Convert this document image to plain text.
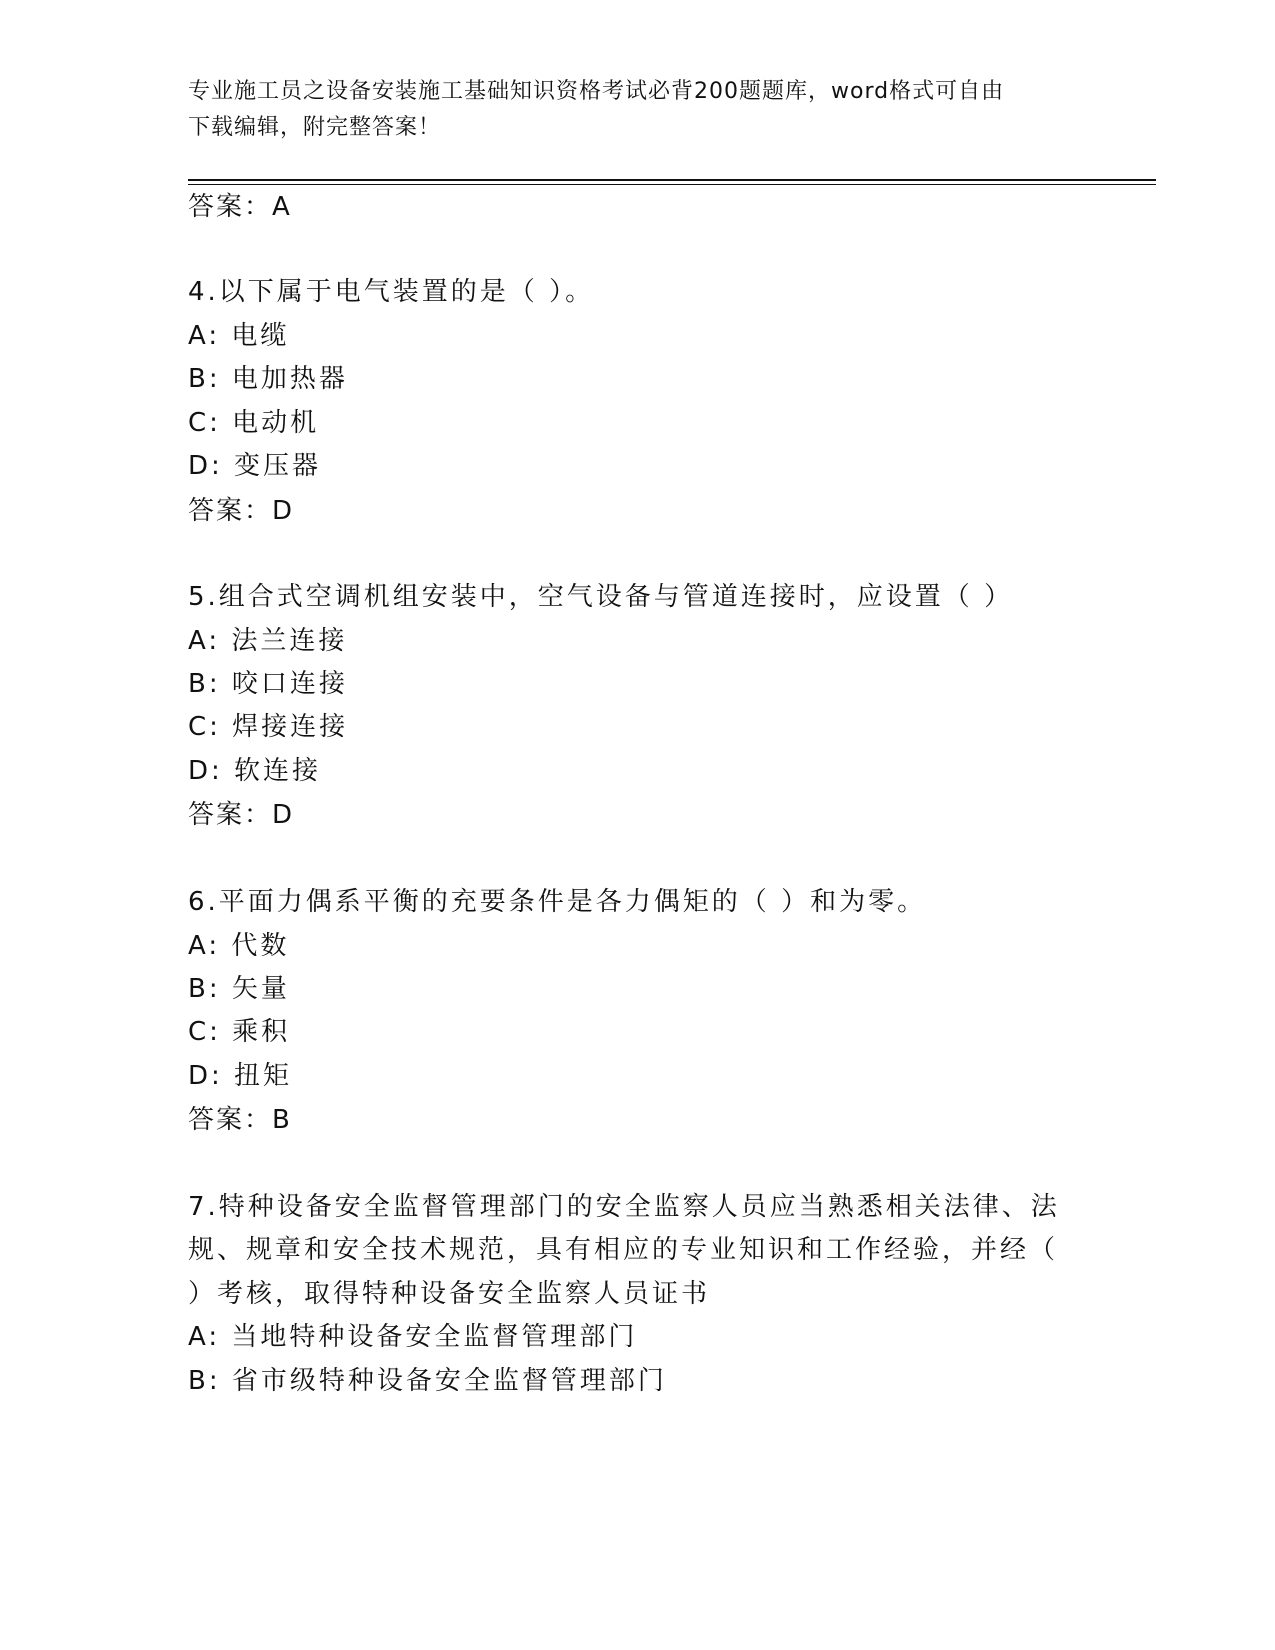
专业施工员之设备安装施工基础知识资格考试必背200题题库，word格式可自由
下载编辑，附完整答案！
答案：A
4.以下属于电气装置的是（ ）。
A: 电缆
B: 电加热器
C: 电动机
D: 变压器
答案：D
5.组合式空调机组安装中，空气设备与管道连接时，应设置（ ）
A: 法兰连接
B: 咬口连接
C: 焊接连接
D: 软连接
答案：D
6.平面力偶系平衡的充要条件是各力偶矩的（ ）和为零。
A: 代数
B: 矢量
C: 乘积
D: 扭矩
答案：B
7.特种设备安全监督管理部门的安全监察人员应当熟悉相关法律、法
规、规章和安全技术规范，具有相应的专业知识和工作经验，并经（
）考核，取得特种设备安全监察人员证书
A: 当地特种设备安全监督管理部门
B: 省市级特种设备安全监督管理部门
